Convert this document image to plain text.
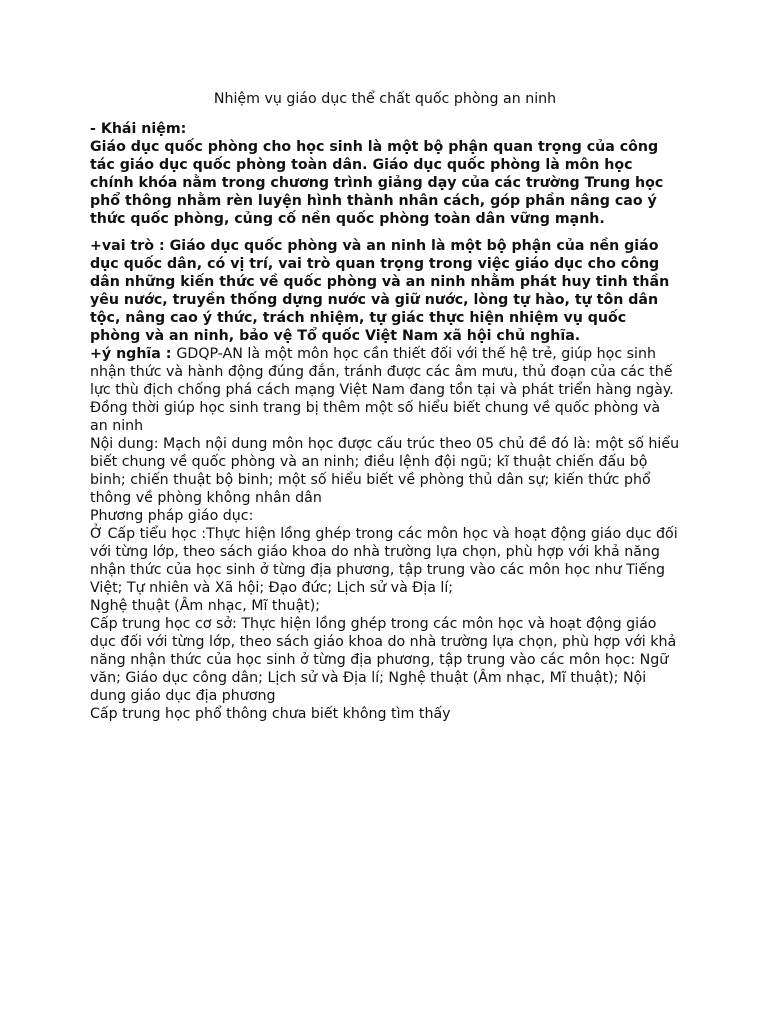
Nhiệm vụ giáo dục thể chất quốc phòng an ninh

- Khái niệm:

Giáo dục quốc phòng cho học sinh là một bộ phận quan trọng của công tác giáo dục quốc phòng toàn dân. Giáo dục quốc phòng là môn học chính khóa nằm trong chương trình giảng dạy của các trường Trung học phổ thông nhằm rèn luyện hình thành nhân cách, góp phần nâng cao ý thức quốc phòng, củng cố nền quốc phòng toàn dân vững mạnh.

+vai trò : Giáo dục quốc phòng và an ninh là một bộ phận của nền giáo dục quốc dân, có vị trí, vai trò quan trọng trong việc giáo dục cho công dân những kiến thức về quốc phòng và an ninh nhằm phát huy tinh thần yêu nước, truyền thống dựng nước và giữ nước, lòng tự hào, tự tôn dân tộc, nâng cao ý thức, trách nhiệm, tự giác thực hiện nhiệm vụ quốc phòng và an ninh, bảo vệ Tổ quốc Việt Nam xã hội chủ nghĩa.

+ý nghĩa : GDQP-AN là một môn học cần thiết đối với thế hệ trẻ, giúp học sinh nhận thức và hành động đúng đắn, tránh được các âm mưu, thủ đoạn của các thế lực thù địch chống phá cách mạng Việt Nam đang tồn tại và phát triển hàng ngày. Đồng thời giúp học sinh trang bị thêm một số hiểu biết chung về quốc phòng và an ninh

Nội dung: Mạch nội dung môn học được cấu trúc theo 05 chủ đề đó là: một số hiểu biết chung về quốc phòng và an ninh; điều lệnh đội ngũ; kĩ thuật chiến đấu bộ binh; chiến thuật bộ binh; một số hiểu biết về phòng thủ dân sự; kiến thức phổ thông về phòng không nhân dân

Phương pháp giáo dục:

Ở Cấp tiểu học :Thực hiện lồng ghép trong các môn học và hoạt động giáo dục đối với từng lớp, theo sách giáo khoa do nhà trường lựa chọn, phù hợp với khả năng nhận thức của học sinh ở từng địa phương, tập trung vào các môn học như Tiếng Việt; Tự nhiên và Xã hội; Đạo đức; Lịch sử và Địa lí;

Nghệ thuật (Âm nhạc, Mĩ thuật);

Cấp trung học cơ sở: Thực hiện lồng ghép trong các môn học và hoạt động giáo dục đối với từng lớp, theo sách giáo khoa do nhà trường lựa chọn, phù hợp với khả năng nhận thức của học sinh ở từng địa phương, tập trung vào các môn học: Ngữ văn; Giáo dục công dân; Lịch sử và Địa lí; Nghệ thuật (Âm nhạc, Mĩ thuật); Nội dung giáo dục địa phương

Cấp trung học phổ thông chưa biết không tìm thấy
